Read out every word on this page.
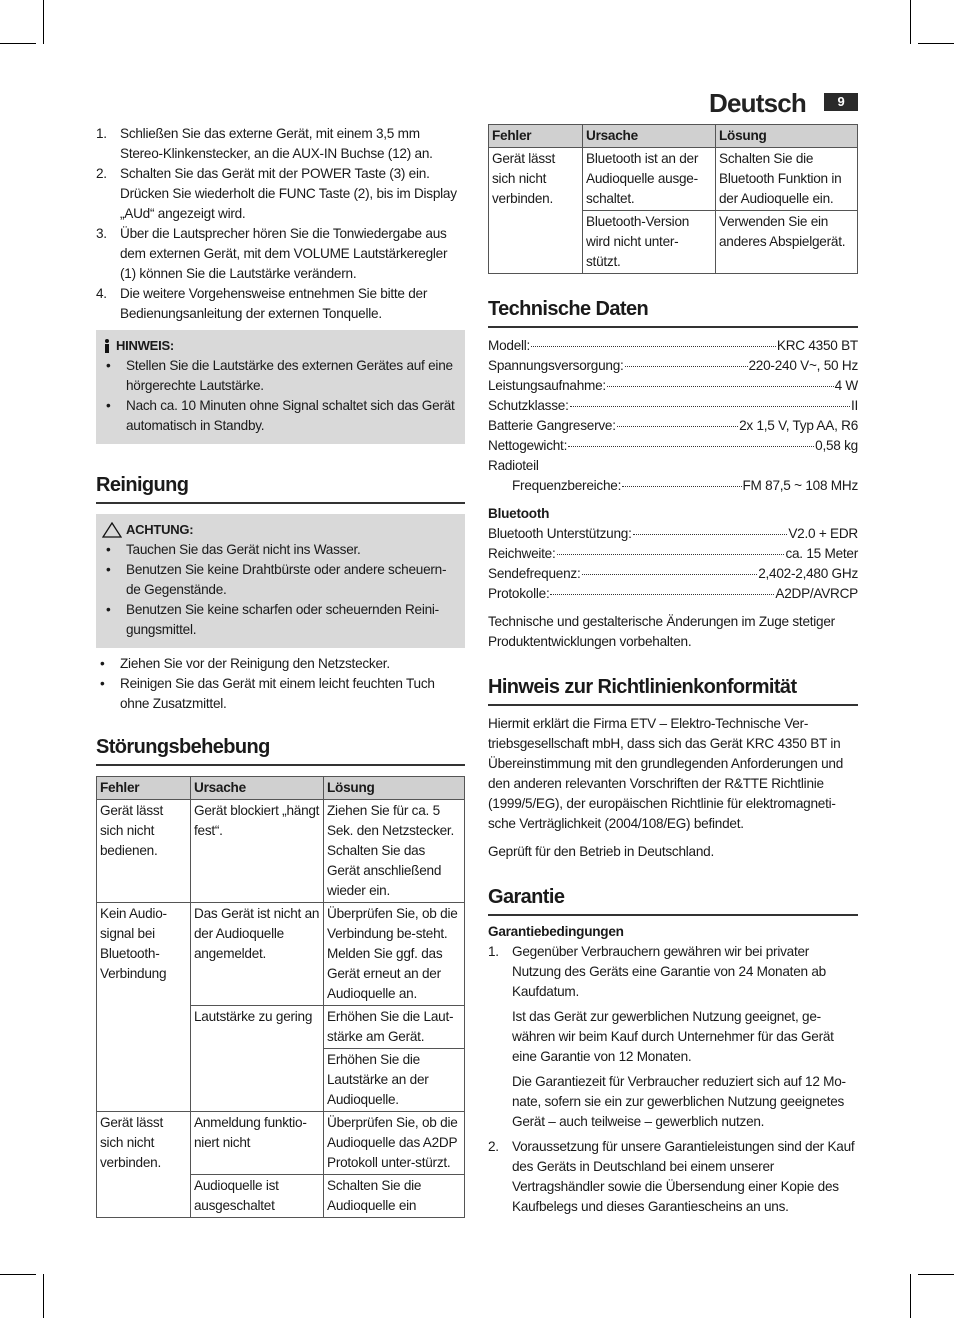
Deutsch	9
1. Schließen Sie das externe Gerät, mit einem 3,5 mm Stereo-Klinkenstecker, an die AUX-IN Buchse (12) an.
2. Schalten Sie das Gerät mit der POWER Taste (3) ein. Drücken Sie wiederholt die FUNC Taste (2), bis im Display „AUd“ angezeigt wird.
3. Über die Lautsprecher hören Sie die Tonwiedergabe aus dem externen Gerät, mit dem VOLUME Lautstärkeregler (1) können Sie die Lautstärke verändern.
4. Die weitere Vorgehensweise entnehmen Sie bitte der Bedienungsanleitung der externen Tonquelle.
HINWEIS:
• Stellen Sie die Lautstärke des externen Gerätes auf eine hörgerechte Lautstärke.
• Nach ca. 10 Minuten ohne Signal schaltet sich das Gerät automatisch in Standby.
Reinigung
ACHTUNG:
• Tauchen Sie das Gerät nicht ins Wasser.
• Benutzen Sie keine Drahtbürste oder andere scheuern-de Gegenstände.
• Benutzen Sie keine scharfen oder scheuernden Reini-gungsmittel.
• Ziehen Sie vor der Reinigung den Netzstecker.
• Reinigen Sie das Gerät mit einem leicht feuchten Tuch ohne Zusatzmittel.
Störungsbehebung
Fehler	Ursache	Lösung
Gerät lässt sich nicht bedienen.	Gerät blockiert „hängt fest“.	Ziehen Sie für ca. 5 Sek. den Netzstecker. Schalten Sie das Gerät anschließend wieder ein.
Kein Audio-signal bei Bluetooth-Verbindung	Das Gerät ist nicht an der Audioquelle angemeldet.	Überprüfen Sie, ob die Verbindung be-steht. Melden Sie ggf. das Gerät erneut an der Audioquelle an.
	Lautstärke zu gering	Erhöhen Sie die Laut-stärke am Gerät.
		Erhöhen Sie die Lautstärke an der Audioquelle.
Gerät lässt sich nicht verbinden.	Anmeldung funktio-niert nicht	Überprüfen Sie, ob die Audioquelle das A2DP Protokoll unter-stürzt.
	Audioquelle ist ausgeschaltet	Schalten Sie die Audioquelle ein
Fehler	Ursache	Lösung
Gerät lässt sich nicht verbinden.	Bluetooth ist an der Audioquelle ausge-schaltet.	Schalten Sie die Bluetooth Funktion in der Audioquelle ein.
	Bluetooth-Version wird nicht unter-stützt.	Verwenden Sie ein anderes Abspielgerät.
Technische Daten
Modell:	KRC 4350 BT
Spannungsversorgung:	220-240 V~, 50 Hz
Leistungsaufnahme:	4 W
Schutzklasse:	II
Batterie Gangreserve:	2x 1,5 V, Typ AA, R6
Nettogewicht:	0,58 kg
Radioteil
Frequenzbereiche:	FM 87,5 ~ 108 MHz
Bluetooth
Bluetooth Unterstützung:	V2.0 + EDR
Reichweite:	ca. 15 Meter
Sendefrequenz:	2,402-2,480 GHz
Protokolle:	A2DP/AVRCP

Technische und gestalterische Änderungen im Zuge stetiger Produktentwicklungen vorbehalten.

Hinweis zur Richtlinienkonformität

Hiermit erklärt die Firma ETV – Elektro-Technische Ver-triebsgesellschaft mbH, dass sich das Gerät KRC 4350 BT in Übereinstimmung mit den grundlegenden Anforderungen und den anderen relevanten Vorschriften der R&TTE Richtlinie (1999/5/EG), der europäischen Richtlinie für elektromagneti-sche Verträglichkeit (2004/108/EG) befindet.

Geprüft für den Betrieb in Deutschland.

Garantie
Garantiebedingungen
1. Gegenüber Verbrauchern gewähren wir bei privater Nutzung des Geräts eine Garantie von 24 Monaten ab Kaufdatum.

Ist das Gerät zur gewerblichen Nutzung geeignet, ge-währen wir beim Kauf durch Unternehmer für das Gerät eine Garantie von 12 Monaten.

Die Garantiezeit für Verbraucher reduziert sich auf 12 Mo-nate, sofern sie ein zur gewerblichen Nutzung geeignetes Gerät – auch teilweise – gewerblich nutzen.

2. Voraussetzung für unsere Garantieleistungen sind der Kauf des Geräts in Deutschland bei einem unserer Vertragshändler sowie die Übersendung einer Kopie des Kaufbelegs und dieses Garantiescheins an uns.
